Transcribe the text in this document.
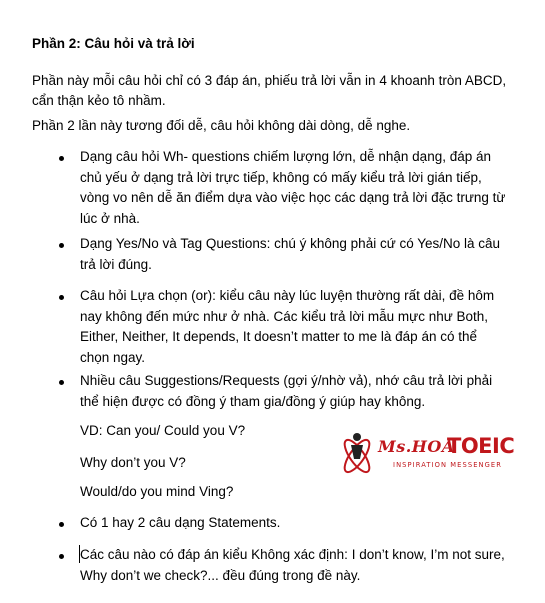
Phần 2: Câu hỏi và trả lời

Phần này mỗi câu hỏi chỉ có 3 đáp án, phiếu trả lời vẫn in 4 khoanh tròn ABCD,

cẩn thận kẻo tô nhầm.

Phần 2 lần này tương đối dễ, câu hỏi không dài dòng, dễ nghe.

Dạng câu hỏi Wh- questions chiếm lượng lớn, dễ nhận dạng, đáp án
chủ yếu ở dạng trả lời trực tiếp, không có mấy kiểu trả lời gián tiếp,
vòng vo nên dễ ăn điểm dựa vào việc học các dạng trả lời đặc trưng từ
lúc ở nhà.

Dạng Yes/No và Tag Questions: chú ý không phải cứ có Yes/No là câu
trả lời đúng.

Câu hỏi Lựa chọn (or): kiểu câu này lúc luyện thường rất dài, đề hôm
nay không đến mức như ở nhà. Các kiểu trả lời mẫu mực như Both,
Either, Neither, It depends, It doesn’t matter to me là đáp án có thể
chọn ngay.

Nhiều câu Suggestions/Requests (gợi ý/nhờ vả), nhớ câu trả lời phải
thể hiện được có đồng ý tham gia/đồng ý giúp hay không.

VD: Can you/ Could you V?

Why don’t you V?

Would/do you mind Ving?

Có 1 hay 2 câu dạng Statements.

Các câu nào có đáp án kiểu Không xác định: I don’t know, I’m not sure,
Why don’t we check?... đều đúng trong đề này.

Ms.HOA
TOEIC
INSPIRATION MESSENGER
